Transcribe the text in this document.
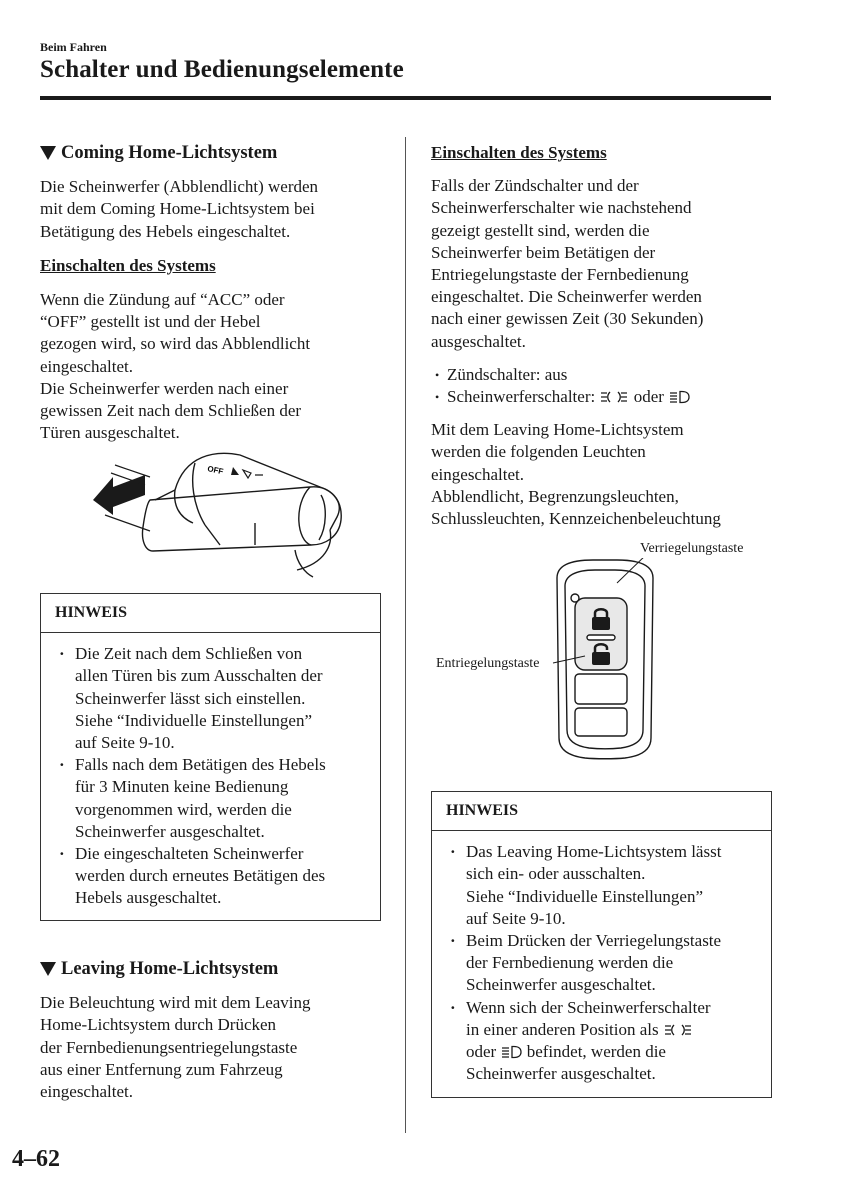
Beim Fahren
Schalter und Bedienungselemente
Coming Home-Lichtsystem

Die Scheinwerfer (Abblendlicht) werden
mit dem Coming Home-Lichtsystem bei
Betätigung des Hebels eingeschaltet.

Einschalten des Systems

Wenn die Zündung auf “ACC” oder
“OFF” gestellt ist und der Hebel
gezogen wird, so wird das Abblendlicht
eingeschaltet.
Die Scheinwerfer werden nach einer
gewissen Zeit nach dem Schließen der
Türen ausgeschaltet.

OFF
HINWEIS
· Die Zeit nach dem Schließen von
allen Türen bis zum Ausschalten der
Scheinwerfer lässt sich einstellen.
Siehe “Individuelle Einstellungen”
auf Seite 9-10.
· Falls nach dem Betätigen des Hebels
für 3 Minuten keine Bedienung
vorgenommen wird, werden die
Scheinwerfer ausgeschaltet.
· Die eingeschalteten Scheinwerfer
werden durch erneutes Betätigen des
Hebels ausgeschaltet.
Leaving Home-Lichtsystem

Die Beleuchtung wird mit dem Leaving
Home-Lichtsystem durch Drücken
der Fernbedienungsentriegelungstaste
aus einer Entfernung zum Fahrzeug
eingeschaltet.

Einschalten des Systems

Falls der Zündschalter und der
Scheinwerferschalter wie nachstehend
gezeigt gestellt sind, werden die
Scheinwerfer beim Betätigen der
Entriegelungstaste der Fernbedienung
eingeschaltet. Die Scheinwerfer werden
nach einer gewissen Zeit (30 Sekunden)
ausgeschaltet.

• Zündschalter: aus
• Scheinwerferschalter: oder

Mit dem Leaving Home-Lichtsystem
werden die folgenden Leuchten
eingeschaltet.
Abblendlicht, Begrenzungsleuchten,
Schlussleuchten, Kennzeichenbeleuchtung

Verriegelungstaste
Entriegelungstaste
HINWEIS
· Das Leaving Home-Lichtsystem lässt
sich ein- oder ausschalten.
Siehe “Individuelle Einstellungen”
auf Seite 9-10.
· Beim Drücken der Verriegelungstaste
der Fernbedienung werden die
Scheinwerfer ausgeschaltet.
· Wenn sich der Scheinwerferschalter
in einer anderen Position als
oder befindet, werden die
Scheinwerfer ausgeschaltet.
4–62
